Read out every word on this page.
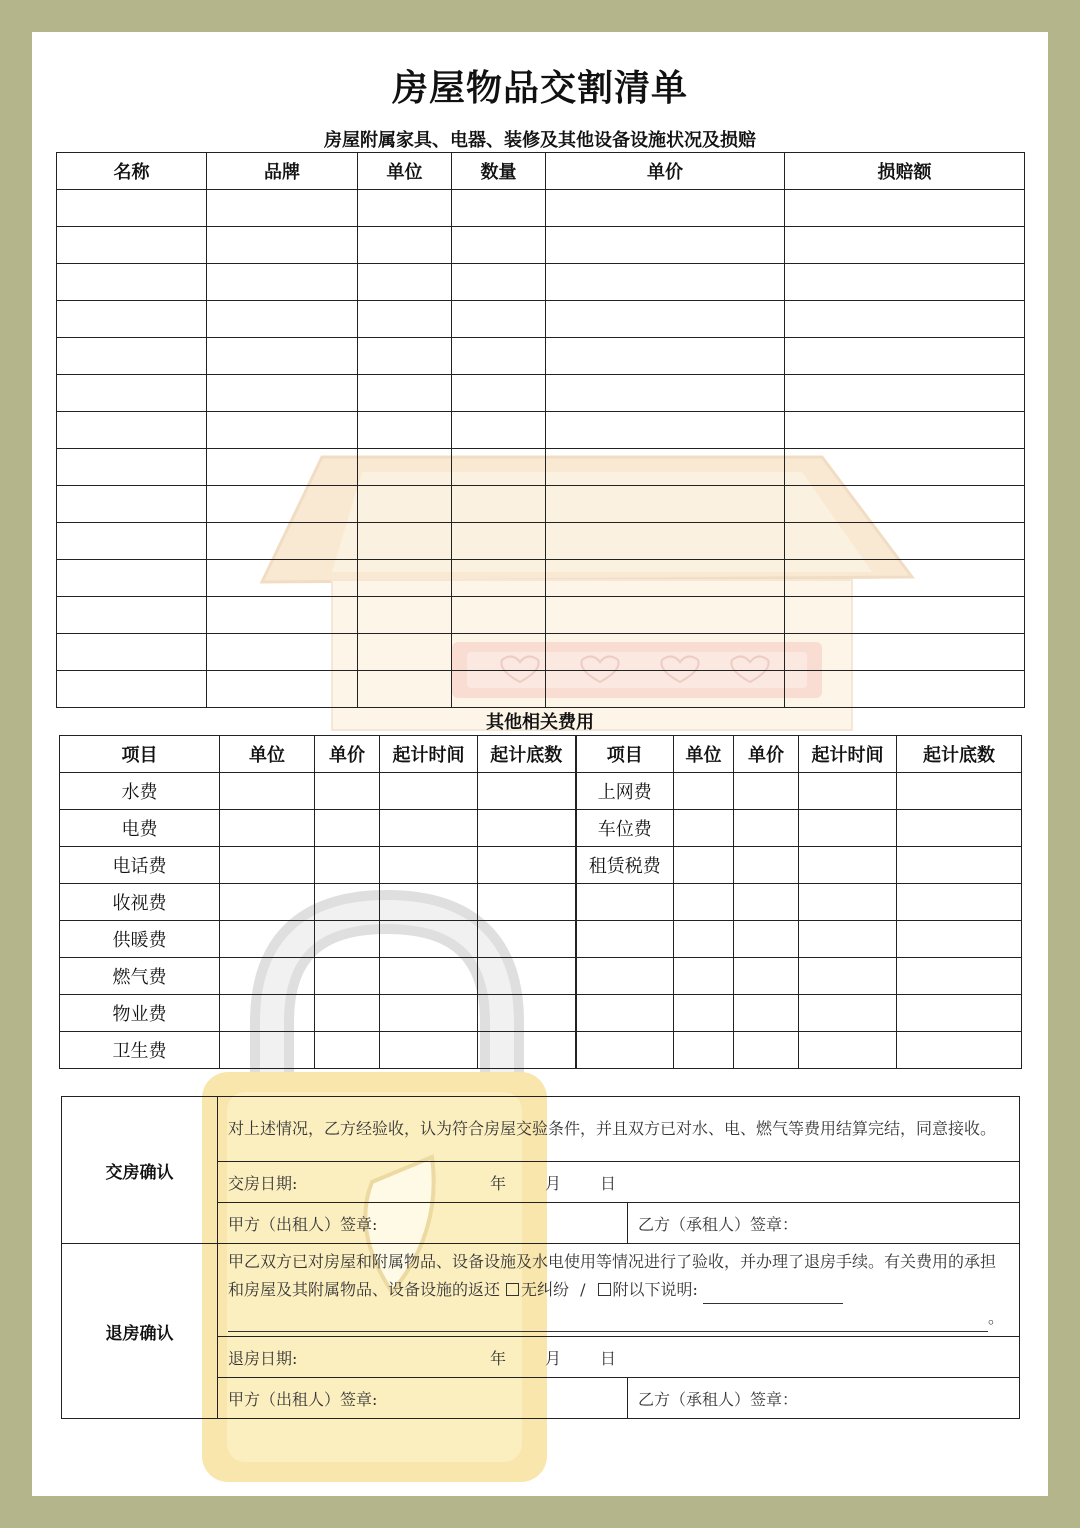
房屋物品交割清单
房屋附属家具、电器、装修及其他设备设施状况及损赔
名称	品牌	单位	数量	单价	损赔额

其他相关费用
项目	单位	单价	起计时间	起计底数	项目	单位	单价	起计时间	起计底数
水费					上网费				
电费					车位费				
电话费					租赁税费				
收视费									
供暖费									
燃气费									
物业费									
卫生费									
交房确认	对上述情况，乙方经验收，认为符合房屋交验条件，并且双方已对水、电、燃气等费用结算完结，同意接收。	
	交房日期: 年 月 日	
	甲方（出租人）签章:	乙方（承租人）签章：
退房确认	甲乙双方已对房屋和附属物品、设备设施及水电使用等情况进行了验收，并办理了退房手续。有关费用的承担和房屋及其附属物品、设备设施的返还 无纠纷 / 附以下说明:
。	
	退房日期: 年 月 日	
	甲方（出租人）签章:	乙方（承租人）签章：
